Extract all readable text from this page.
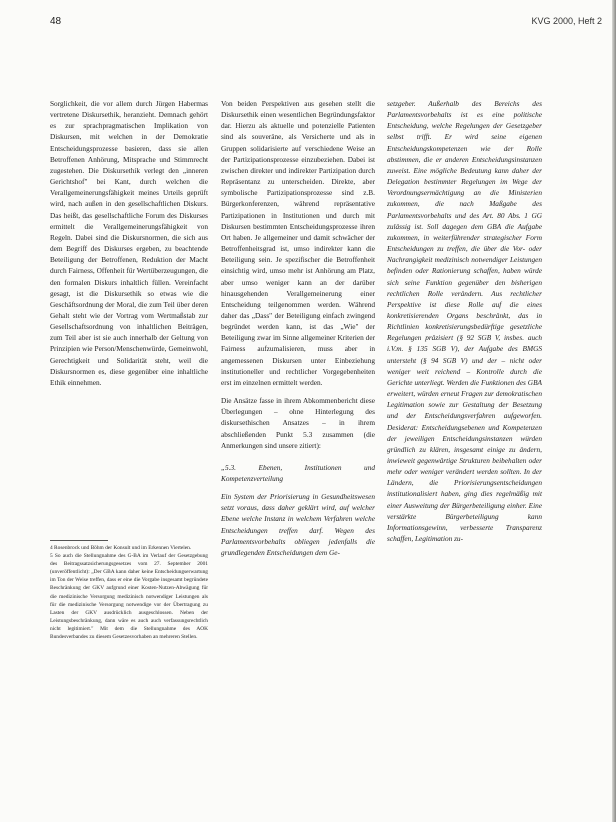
48	KVG 2000, Heft 2

Sorglichkeit, die vor allem durch Jürgen Habermas vertretene Diskursethik, heranzieht. Demnach gehört es zur sprachpragmatischen Implikation von Diskursen, mit welchen in der Demokratie Entscheidungsprozesse basieren, dass sie allen Betroffenen Anhörung, Mitsprache und Stimmrecht zugestehen. Die Diskursethik verlegt den „inneren Gerichtshof" bei Kant, durch welchen die Verallgemeinerungsfähigkeit meines Urteils geprüft wird, nach außen in den gesellschaftlichen Diskurs. Das heißt, das gesellschaftliche Forum des Diskurses ermittelt die Verallgemeinerungsfähigkeit von Regeln. Dabei sind die Diskursnormen, die sich aus dem Begriff des Diskurses ergeben, zu beachtende Beteiligung der Betroffenen, Reduktion der Macht durch Fairness, Offenheit für Wertüberzeugungen, die den formalen Diskurs inhaltlich füllen. Vereinfacht gesagt, ist die Diskursethik so etwas wie die Geschäftsordnung der Moral, die zum Teil über deren Gehalt steht wie der Vortrag vom Wertmaßstab zur Gesellschaftsordnung von inhaltlichen Beiträgen, zum Teil aber ist sie auch innerhalb der Geltung von Prinzipien wie Person/Menschenwürde, Gemeinwohl, Gerechtigkeit und Solidarität steht, weil die Diskursnormen es, diese gegenüber eine inhaltliche Ethik einnehmen.

4 Rosenbrock und Böhm der Konsult und im Erkennen Viertelen.

5 So auch die Stellungnahme des G-BA im Verlauf der Gesetzgebung des Beitragssatzsicherungsgesetzes vom 27. September 2001 (unveröffentlicht): „Der GBA kann daher keine Entscheidungserwartung im Ton der Weise treffen, dass er eine die Vorgabe insgesamt begründete Beschränkung der GKV aufgrund einer Kosten-Nutzen-Abwägung für die medizinische Versorgung medizinisch notwendiger Leistungen als für die medizinische Versorgung notwendige vor der Übertragung zu Lasten der GKV ausdrücklich ausgeschlossen. Neben der Leistungsbeschränkung, dann wäre es auch auch verfassungsrechtlich nicht legitimiert." Mit dem die Stellungnahme des AOK Bundesverbandes zu diesem Gesetzesvorhaben an mehreren Stellen.

Von beiden Perspektiven aus gesehen stellt die Diskursethik einen wesentlichen Begründungsfaktor dar. Hierzu als aktuelle und potenzielle Patienten sind als souveräne, als Versicherte und als in Gruppen solidarisierte auf verschiedene Weise an der Partizipationsprozesse einzubeziehen. Dabei ist zwischen direkter und indirekter Partizipation durch Repräsentanz zu unterscheiden. Direkte, aber symbolische Partizipationsprozesse sind z.B. Bürgerkonferenzen, während repräsentative Partizipationen in Institutionen und durch mit Diskursen bestimmten Entscheidungsprozesse ihren Ort haben. Je allgemeiner und damit schwächer der Betroffenheitsgrad ist, umso indirekter kann die Beteiligung sein. Je spezifischer die Betroffenheit einsichtig wird, umso mehr ist Anhörung am Platz, aber umso weniger kann an der darüber hinausgehenden Verallgemeinerung einer Entscheidung teilgenommen werden. Während daher das „Dass" der Beteiligung einfach zwingend begründet werden kann, ist das „Wie" der Beteiligung zwar im Sinne allgemeiner Kriterien der Fairness aufzumalisieren, muss aber in angemessenen Diskursen unter Einbeziehung institutioneller und rechtlicher Vorgegebenheiten erst im einzelnen ermittelt werden.

Die Ansätze fasse in ihrem Abkommenbericht diese Überlegungen – ohne Hinterlegung des diskursethischen Ansatzes – in ihrem abschließenden Punkt 5.3 zusammen (die Anmerkungen sind unsere zitiert):

„5.3. Ebenen, Institutionen und Kompetenzverteilung

Ein System der Priorisierung in Gesundheitswesen setzt voraus, dass daher geklärt wird, auf welcher Ebene welche Instanz in welchem Verfahren welche Entscheidungen treffen darf. Wegen des Parlamentsvorbehalts obliegen jedenfalls die grundlegenden Entscheidungen dem Ge-

setzgeber. Außerhalb des Bereichs des Parlamentsvorbehalts ist es eine politische Entscheidung, welche Regelungen der Gesetzgeber selbst trifft. Er wird seine eigenen Entscheidungskompetenzen wie der Rolle abstimmen, die er anderen Entscheidungsinstanzen zuweist. Eine mögliche Bedeutung kann daher der Delegation bestimmter Regelungen im Wege der Verordnungsermächtigung an die Ministerien zukommen, die nach Maßgabe des Parlamentsvorbehalts und des Art. 80 Abs. 1 GG zulässig ist. Soll dagegen dem GBA die Aufgabe zukommen, in weiterführender strategischer Form Entscheidungen zu treffen, die über die Vor- oder Nachrangigkeit medizinisch notwendiger Leistungen befinden oder Rationierung schaffen, haben würde sich seine Funktion gegenüber den bisherigen rechtlichen Rolle verändern. Aus rechtlicher Perspektive ist diese Rolle auf die eines konkretisierenden Organs beschränkt, das in Richtlinien konkretisierungsbedürftige gesetzliche Regelungen präzisiert (§ 92 SGB V, insbes. auch i.V.m. § 135 SGB V), der Aufgabe des BMGS untersteht (§ 94 SGB V) und der – nicht oder weniger weit reichend – Kontrolle durch die Gerichte unterliegt. Werden die Funktionen des GBA erweitert, würden erneut Fragen zur demokratischen Legitimation sowie zur Gestaltung der Besetzung und der Entscheidungsverfahren aufgeworfen. Desiderat: Entscheidungsebenen und Kompetenzen der jeweiligen Entscheidungsinstanzen würden gründlich zu klären, insgesamt einige zu ändern, inwieweit gegenwärtige Strukturen beibehalten oder mehr oder weniger verändert werden sollten. In der Ländern, die Priorisierungsentscheidungen institutionalisiert haben, ging dies regelmäßig mit einer Ausweitung der Bürgerbeteiligung einher. Eine verstärkte Bürgerbeteiligung kann Informationsgewinn, verbesserte Transparenz schaffen, Legitimation zu-
